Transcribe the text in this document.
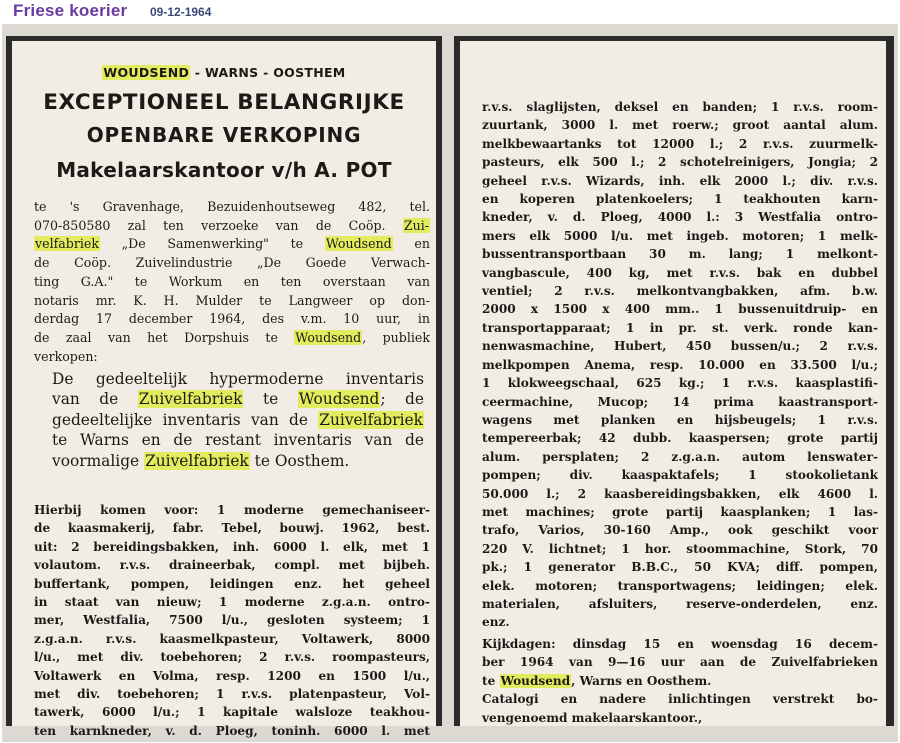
Friese koerier 09-12-1964
WOUDSEND - WARNS - OOSTHEM
EXCEPTIONEEL BELANGRIJKE
OPENBARE VERKOPING
Makelaarskantoor v/h A. POT
te 's Gravenhage, Bezuidenhoutseweg 482, tel.
070-850580 zal ten verzoeke van de Coöp. Zui-
velfabriek „De Samenwerking" te Woudsend en
de Coöp. Zuivelindustrie „De Goede Verwach-
ting G.A." te Workum en ten overstaan van
notaris mr. K. H. Mulder te Langweer op don-
derdag 17 december 1964, des v.m. 10 uur, in
de zaal van het Dorpshuis te Woudsend, publiek
verkopen:
De gedeeltelijk hypermoderne inventaris
van de Zuivelfabriek te Woudsend; de
gedeeltelijke inventaris van de Zuivelfabriek
te Warns en de restant inventaris van de
voormalige Zuivelfabriek te Oosthem.
Hierbij komen voor: 1 moderne gemechaniseer-
de kaasmakerij, fabr. Tebel, bouwj. 1962, best.
uit: 2 bereidingsbakken, inh. 6000 l. elk, met 1
volautom. r.v.s. draineerbak, compl. met bijbeh.
buffertank, pompen, leidingen enz. het geheel
in staat van nieuw; 1 moderne z.g.a.n. ontro-
mer, Westfalia, 7500 l/u., gesloten systeem; 1
z.g.a.n. r.v.s. kaasmelkpasteur, Voltawerk, 8000
l/u., met div. toebehoren; 2 r.v.s. roompasteurs,
Voltawerk en Volma, resp. 1200 en 1500 l/u.,
met div. toebehoren; 1 r.v.s. platenpasteur, Vol-
tawerk, 6000 l/u.; 1 kapitale walsloze teakhou-
ten karnkneder, v. d. Ploeg, toninh. 6000 l. met
r.v.s. slaglijsten, deksel en banden; 1 r.v.s. room-
zuurtank, 3000 l. met roerw.; groot aantal alum.
melkbewaartanks tot 12000 l.; 2 r.v.s. zuurmelk-
pasteurs, elk 500 l.; 2 schotelreinigers, Jongia; 2
geheel r.v.s. Wizards, inh. elk 2000 l.; div. r.v.s.
en koperen platenkoelers; 1 teakhouten karn-
kneder, v. d. Ploeg, 4000 l.: 3 Westfalia ontro-
mers elk 5000 l/u. met ingeb. motoren; 1 melk-
bussentransportbaan 30 m. lang; 1 melkont-
vangbascule, 400 kg, met r.v.s. bak en dubbel
ventiel; 2 r.v.s. melkontvangbakken, afm. b.w.
2000 x 1500 x 400 mm.. 1 bussenuitdruip- en
transportapparaat; 1 in pr. st. verk. ronde kan-
nenwasmachine, Hubert, 450 bussen/u.; 2 r.v.s.
melkpompen Anema, resp. 10.000 en 33.500 l/u.;
1 klokweegschaal, 625 kg.; 1 r.v.s. kaasplastifi-
ceermachine, Mucop; 14 prima kaastransport-
wagens met planken en hijsbeugels; 1 r.v.s.
tempereerbak; 42 dubb. kaaspersen; grote partij
alum. persplaten; 2 z.g.a.n. autom lenswater-
pompen; div. kaaspaktafels; 1 stookolietank
50.000 l.; 2 kaasbereidingsbakken, elk 4600 l.
met machines; grote partij kaasplanken; 1 las-
trafo, Varios, 30-160 Amp., ook geschikt voor
220 V. lichtnet; 1 hor. stoommachine, Stork, 70
pk.; 1 generator B.B.C., 50 KVA; diff. pompen,
elek. motoren; transportwagens; leidingen; elek.
materialen, afsluiters, reserve-onderdelen, enz.
enz.
Kijkdagen: dinsdag 15 en woensdag 16 decem-
ber 1964 van 9—16 uur aan de Zuivelfabrieken
te Woudsend, Warns en Oosthem.
Catalogi en nadere inlichtingen verstrekt bo-
vengenoemd makelaarskantoor.,
